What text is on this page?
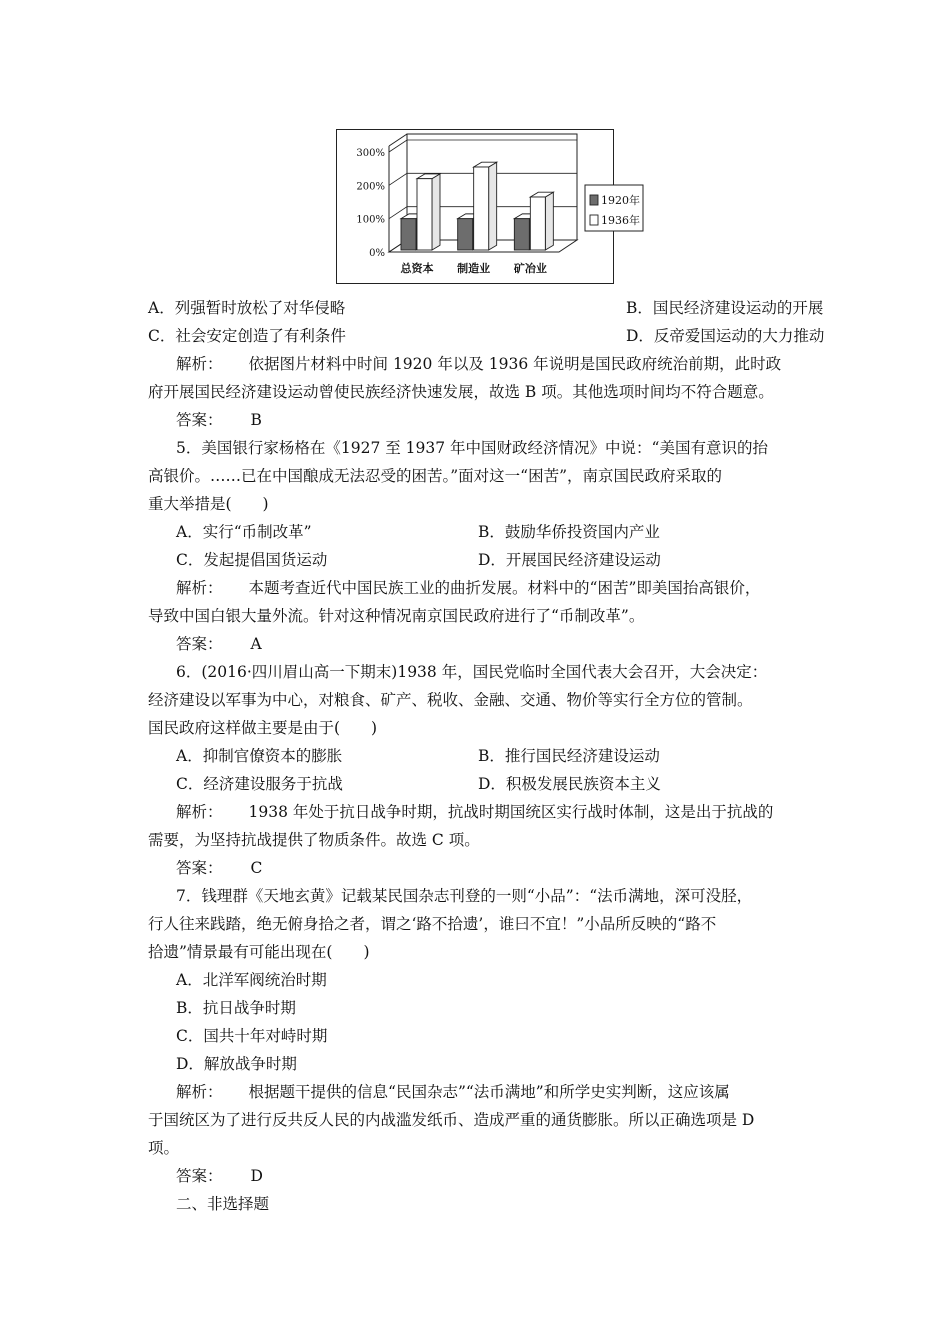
0%
100%
200%
300%
总资本 制造业 矿冶业
1920年
1936年
A．列强暂时放松了对华侵略	B．国民经济建设运动的开展
C．社会安定创造了有利条件	D．反帝爱国运动的大力推动
解析： 依据图片材料中时间 1920 年以及 1936 年说明是国民政府统治前期，此时政
府开展国民经济建设运动曾使民族经济快速发展，故选 B 项。其他选项时间均不符合题意。
答案： B
5．美国银行家杨格在《1927 至 1937 年中国财政经济情况》中说：“美国有意识的抬
高银价。……已在中国酿成无法忍受的困苦。”面对这一“困苦”，南京国民政府采取的
重大举措是(　　)
A．实行“币制改革”	B．鼓励华侨投资国内产业
C．发起提倡国货运动	D．开展国民经济建设运动
解析： 本题考查近代中国民族工业的曲折发展。材料中的“困苦”即美国抬高银价，
导致中国白银大量外流。针对这种情况南京国民政府进行了“币制改革”。
答案： A
6．(2016·四川眉山高一下期末)1938 年，国民党临时全国代表大会召开，大会决定：
经济建设以军事为中心，对粮食、矿产、税收、金融、交通、物价等实行全方位的管制。
国民政府这样做主要是由于(　　)
A．抑制官僚资本的膨胀	B．推行国民经济建设运动
C．经济建设服务于抗战	D．积极发展民族资本主义
解析： 1938 年处于抗日战争时期，抗战时期国统区实行战时体制，这是出于抗战的
需要，为坚持抗战提供了物质条件。故选 C 项。
答案： C
7．钱理群《天地玄黄》记载某民国杂志刊登的一则“小品”：“法币满地，深可没胫，
行人往来践踏，绝无俯身拾之者，谓之‘路不拾遗’，谁曰不宜！”小品所反映的“路不
拾遗”情景最有可能出现在(　　)
A．北洋军阀统治时期
B．抗日战争时期
C．国共十年对峙时期
D．解放战争时期
解析： 根据题干提供的信息“民国杂志”“法币满地”和所学史实判断，这应该属
于国统区为了进行反共反人民的内战滥发纸币、造成严重的通货膨胀。所以正确选项是 D
项。
答案： D
二、非选择题
